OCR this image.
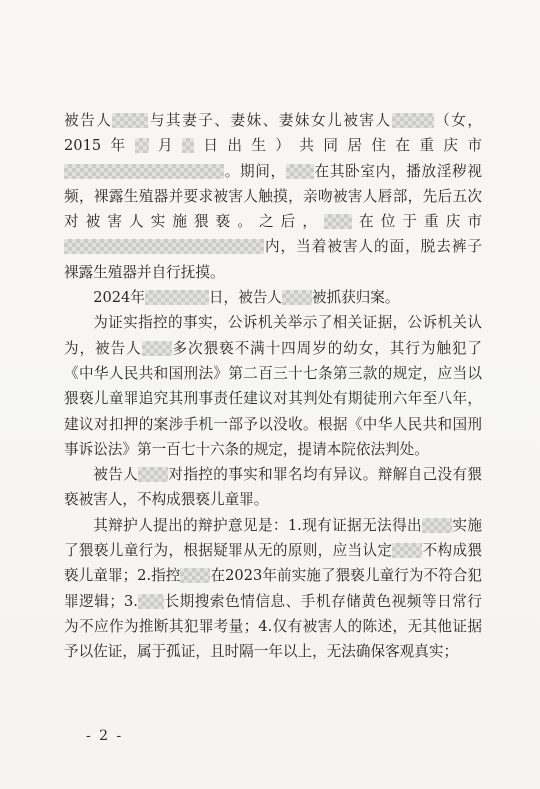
被告人 与其妻子、妻妹、妻妹女儿被害人	（女，2015年 月 日出生）共同居住在重庆市。期间， 在其卧室内，播放淫秽视频，裸露生殖器并要求被害人触摸，亲吻被害人唇部，先后五次对被害人实施猥亵。之后， 在位于重庆市内，当着被害人的面，脱去裤子裸露生殖器并自行抚摸。

2024年	日，被告人 被抓获归案。

为证实指控的事实，公诉机关举示了相关证据，公诉机关认为，被告人 多次猥亵不满十四周岁的幼女，其行为触犯了《中华人民共和国刑法》第二百三十七条第三款的规定，应当以猥亵儿童罪追究其刑事责任建议对其判处有期徒刑六年至八年，建议对扣押的案涉手机一部予以没收。根据《中华人民共和国刑事诉讼法》第一百七十六条的规定，提请本院依法判处。

被告人 对指控的事实和罪名均有异议。辩解自己没有猥亵被害人，不构成猥亵儿童罪。

其辩护人提出的辩护意见是：1.现有证据无法得出 实施了猥亵儿童行为，根据疑罪从无的原则，应当认定 不构成猥亵儿童罪；2.指控 在2023年前实施了猥亵儿童行为不符合犯罪逻辑；3. 长期搜索色情信息、手机存储黄色视频等日常行为不应作为推断其犯罪考量；4.仅有被害人的陈述，无其他证据予以佐证，属于孤证，且时隔一年以上，无法确保客观真实；

- 2 -
